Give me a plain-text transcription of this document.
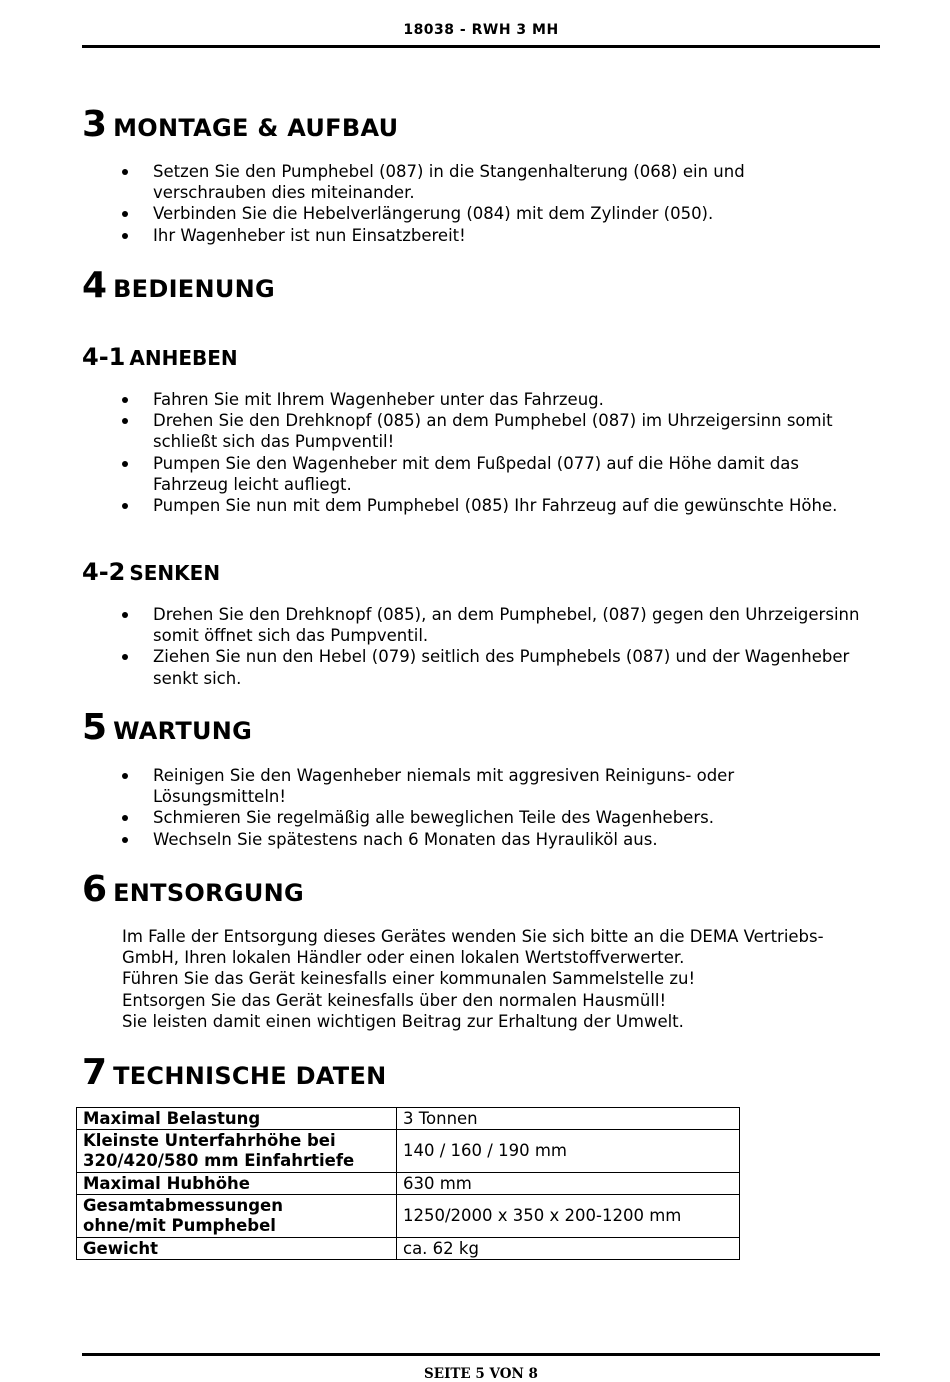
18038 - RWH 3 MH
3 MONTAGE & AUFBAU
Setzen Sie den Pumphebel (087) in die Stangenhalterung (068) ein und verschrauben dies miteinander.
Verbinden Sie die Hebelverlängerung (084) mit dem Zylinder (050).
Ihr Wagenheber ist nun Einsatzbereit!
4 BEDIENUNG
4-1 ANHEBEN
Fahren Sie mit Ihrem Wagenheber unter das Fahrzeug.
Drehen Sie den Drehknopf (085) an dem Pumphebel (087) im Uhrzeigersinn somit schließt sich das Pumpventil!
Pumpen Sie den Wagenheber mit dem Fußpedal (077) auf die Höhe damit das Fahrzeug leicht aufliegt.
Pumpen Sie nun mit dem Pumphebel (085) Ihr Fahrzeug auf die gewünschte Höhe.
4-2 SENKEN
Drehen Sie den Drehknopf (085), an dem Pumphebel, (087) gegen den Uhrzeigersinn somit öffnet sich das Pumpventil.
Ziehen Sie nun den Hebel (079) seitlich des Pumphebels (087) und der Wagenheber senkt sich.
5 WARTUNG
Reinigen Sie den Wagenheber niemals mit aggresiven Reiniguns- oder Lösungsmitteln!
Schmieren Sie regelmäßig alle beweglichen Teile des Wagenhebers.
Wechseln Sie spätestens nach 6 Monaten das Hyrauliköl aus.
6 ENTSORGUNG
Im Falle der Entsorgung dieses Gerätes wenden Sie sich bitte an die DEMA Vertriebs-
GmbH, Ihren lokalen Händler oder einen lokalen Wertstoffverwerter.
Führen Sie das Gerät keinesfalls einer kommunalen Sammelstelle zu!
Entsorgen Sie das Gerät keinesfalls über den normalen Hausmüll!
Sie leisten damit einen wichtigen Beitrag zur Erhaltung der Umwelt.
7 TECHNISCHE DATEN
Maximal Belastung	3 Tonnen
Kleinste Unterfahrhöhe bei
320/420/580 mm Einfahrtiefe	140 / 160 / 190 mm
Maximal Hubhöhe	630 mm
Gesamtabmessungen
ohne/mit Pumphebel	1250/2000 x 350 x 200-1200 mm
Gewicht	ca. 62 kg
SEITE 5 VON 8
